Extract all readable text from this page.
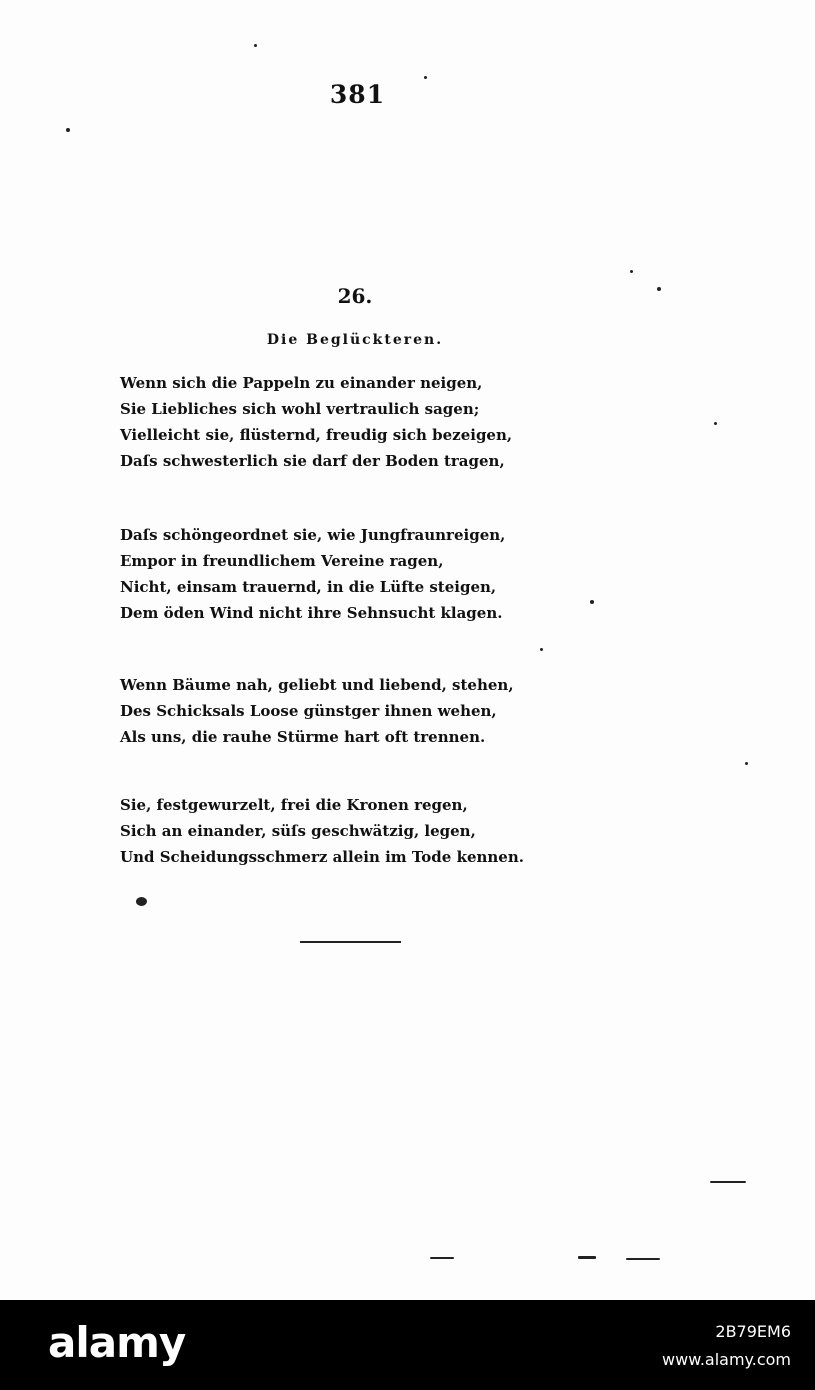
381
26.
Die Beglückteren.
Wenn sich die Pappeln zu einander neigen,
Sie Liebliches sich wohl vertraulich sagen;
Vielleicht sie, flüsternd, freudig sich bezeigen,
Daſs schwesterlich sie darf der Boden tragen,
Daſs schöngeordnet sie, wie Jungfraunreigen,
Empor in freundlichem Vereine ragen,
Nicht, einsam trauernd, in die Lüfte steigen,
Dem öden Wind nicht ihre Sehnsucht klagen.
Wenn Bäume nah, geliebt und liebend, stehen,
Des Schicksals Loose günstger ihnen wehen,
Als uns, die rauhe Stürme hart oft trennen.
Sie, festgewurzelt, frei die Kronen regen,
Sich an einander, süſs geschwätzig, legen,
Und Scheidungsschmerz allein im Tode kennen.
alamy	2B79EM6
www.alamy.com
